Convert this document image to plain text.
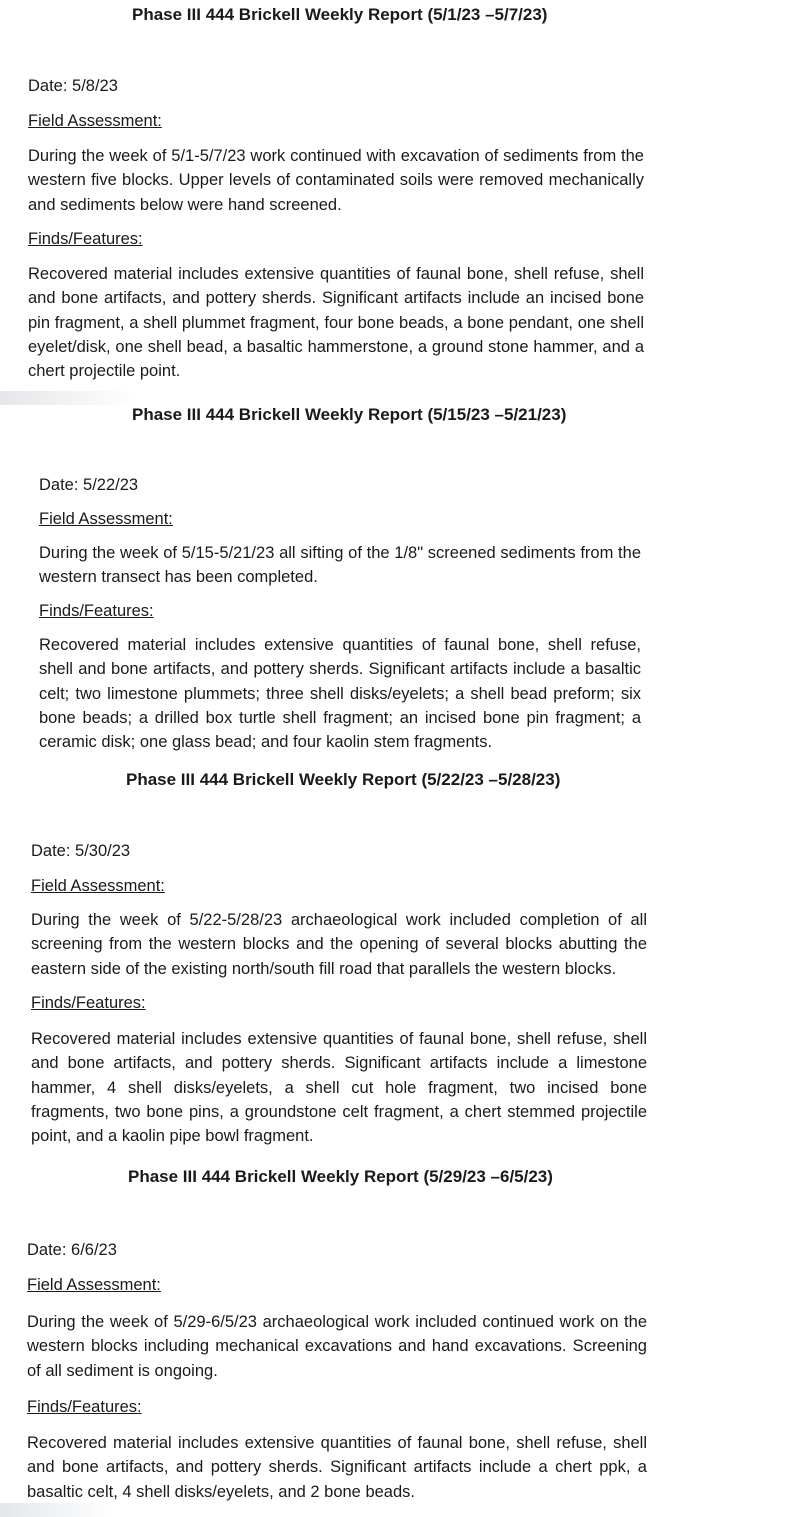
Phase III 444 Brickell Weekly Report (5/1/23 –5/7/23)
Date: 5/8/23
Field Assessment:
During the week of 5/1-5/7/23 work continued with excavation of sediments from the western five blocks. Upper levels of contaminated soils were removed mechanically and sediments below were hand screened.
Finds/Features:
Recovered material includes extensive quantities of faunal bone, shell refuse, shell and bone artifacts, and pottery sherds. Significant artifacts include an incised bone pin fragment, a shell plummet fragment, four bone beads, a bone pendant, one shell eyelet/disk, one shell bead, a basaltic hammerstone, a ground stone hammer, and a chert projectile point.
Phase III 444 Brickell Weekly Report (5/15/23 –5/21/23)
Date: 5/22/23
Field Assessment:
During the week of 5/15-5/21/23 all sifting of the 1/8" screened sediments from the western transect has been completed.
Finds/Features:
Recovered material includes extensive quantities of faunal bone, shell refuse, shell and bone artifacts, and pottery sherds. Significant artifacts include a basaltic celt; two limestone plummets; three shell disks/eyelets; a shell bead preform; six bone beads; a drilled box turtle shell fragment; an incised bone pin fragment; a ceramic disk; one glass bead; and four kaolin stem fragments.
Phase III 444 Brickell Weekly Report (5/22/23 –5/28/23)
Date: 5/30/23
Field Assessment:
During the week of 5/22-5/28/23 archaeological work included completion of all screening from the western blocks and the opening of several blocks abutting the eastern side of the existing north/south fill road that parallels the western blocks.
Finds/Features:
Recovered material includes extensive quantities of faunal bone, shell refuse, shell and bone artifacts, and pottery sherds. Significant artifacts include a limestone hammer, 4 shell disks/eyelets, a shell cut hole fragment, two incised bone fragments, two bone pins, a groundstone celt fragment, a chert stemmed projectile point, and a kaolin pipe bowl fragment.
Phase III 444 Brickell Weekly Report (5/29/23 –6/5/23)
Date: 6/6/23
Field Assessment:
During the week of 5/29-6/5/23 archaeological work included continued work on the western blocks including mechanical excavations and hand excavations. Screening of all sediment is ongoing.
Finds/Features:
Recovered material includes extensive quantities of faunal bone, shell refuse, shell and bone artifacts, and pottery sherds. Significant artifacts include a chert ppk, a basaltic celt, 4 shell disks/eyelets, and 2 bone beads.
